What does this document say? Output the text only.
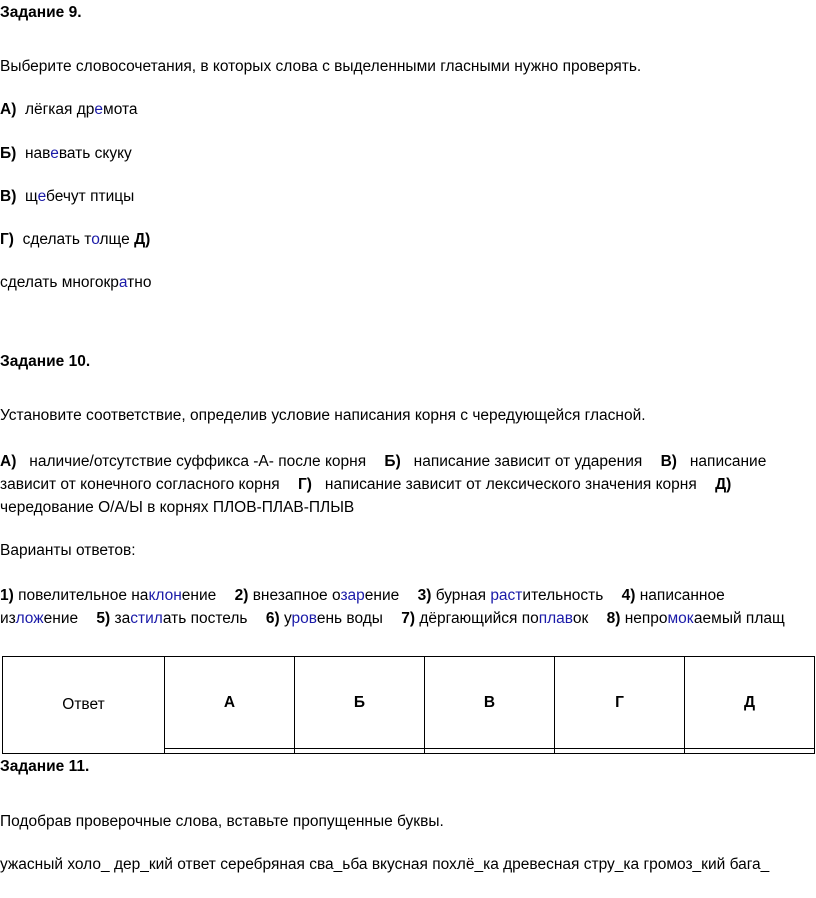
Задание 9.
Выберите словосочетания, в которых слова с выделенными гласными нужно проверять.
А) лёгкая дремота
Б) навевать скуку
В) щебечут птицы
Г) сделать толще Д)
сделать многократно
Задание 10.
Установите соответствие, определив условие написания корня с чередующейся гласной.
А) наличие/отсутствие суффикса -А- после корня Б) написание зависит от ударения В) написание зависит от конечного согласного корня Г) написание зависит от лексического значения корня Д) чередование О/А/Ы в корнях ПЛОВ-ПЛАВ-ПЛЫВ
Варианты ответов:
1) повелительное наклонение 2) внезапное озарение 3) бурная растительность 4) написанное изложение 5) застилать постель 6) уровень воды 7) дёргающийся поплавок 8) непромокаемый плащ
Ответ	А	Б	В	Г	Д

Задание 11.
Подобрав проверочные слова, вставьте пропущенные буквы.
ужасный холо_ дер_кий ответ серебряная сва_ьба вкусная похлё_ка древесная стру_ка громоз_кий бага_
